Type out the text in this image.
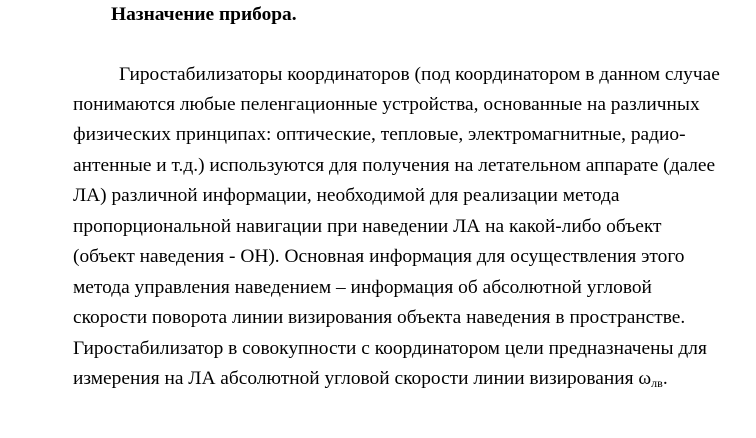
Назначение прибора.
Гиростабилизаторы координаторов (под координатором в данном случае
понимаются любые пеленгационные устройства, основанные на различных
физических принципах: оптические, тепловые, электромагнитные, радио-
антенные и т.д.) используются для получения на летательном аппарате (далее
ЛА) различной информации, необходимой для реализации метода
пропорциональной навигации при наведении ЛА на какой-либо объект
(объект наведения - ОН). Основная информация для осуществления этого
метода управления наведением – информация об абсолютной угловой
скорости поворота линии визирования объекта наведения в пространстве.
Гиростабилизатор в совокупности с координатором цели предназначены для
измерения на ЛА абсолютной угловой скорости линии визирования $\omega_{лв}$.
